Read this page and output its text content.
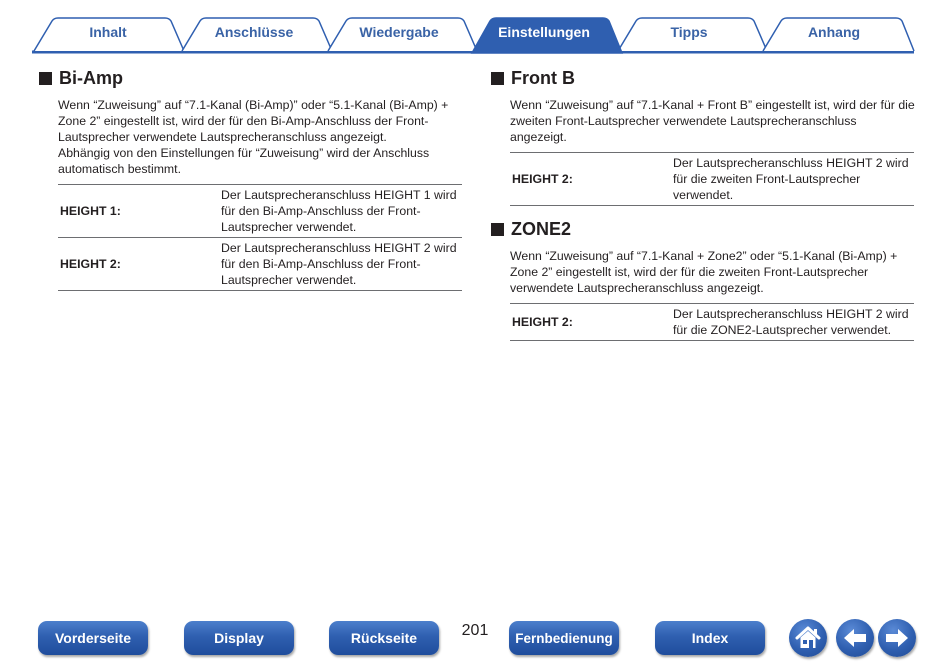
Inhalt	Anschlüsse	Wiedergabe	Einstellungen	Tipps	Anhang
Bi-Amp

Wenn “Zuweisung” auf “7.1-Kanal (Bi-Amp)” oder “5.1-Kanal (Bi-Amp) + Zone 2” eingestellt ist, wird der für den Bi-Amp-Anschluss der Front-Lautsprecher verwendete Lautsprecheranschluss angezeigt.

Abhängig von den Einstellungen für “Zuweisung” wird der Anschluss automatisch bestimmt.

HEIGHT 1:	Der Lautsprecheranschluss HEIGHT 1 wird für den Bi-Amp-Anschluss der Front-Lautsprecher verwendet.
HEIGHT 2:	Der Lautsprecheranschluss HEIGHT 2 wird für den Bi-Amp-Anschluss der Front-Lautsprecher verwendet.
Front B

Wenn “Zuweisung” auf “7.1-Kanal + Front B” eingestellt ist, wird der für die zweiten Front-Lautsprecher verwendete Lautsprecheranschluss angezeigt.

HEIGHT 2:	Der Lautsprecheranschluss HEIGHT 2 wird für die zweiten Front-Lautsprecher verwendet.
ZONE2

Wenn “Zuweisung” auf “7.1-Kanal + Zone2” oder “5.1-Kanal (Bi-Amp) + Zone 2” eingestellt ist, wird der für die zweiten Front-Lautsprecher verwendete Lautsprecheranschluss angezeigt.

HEIGHT 2:	Der Lautsprecheranschluss HEIGHT 2 wird für die ZONE2-Lautsprecher verwendet.
Vorderseite	Display	Rückseite	201	Fernbedienung	Index
